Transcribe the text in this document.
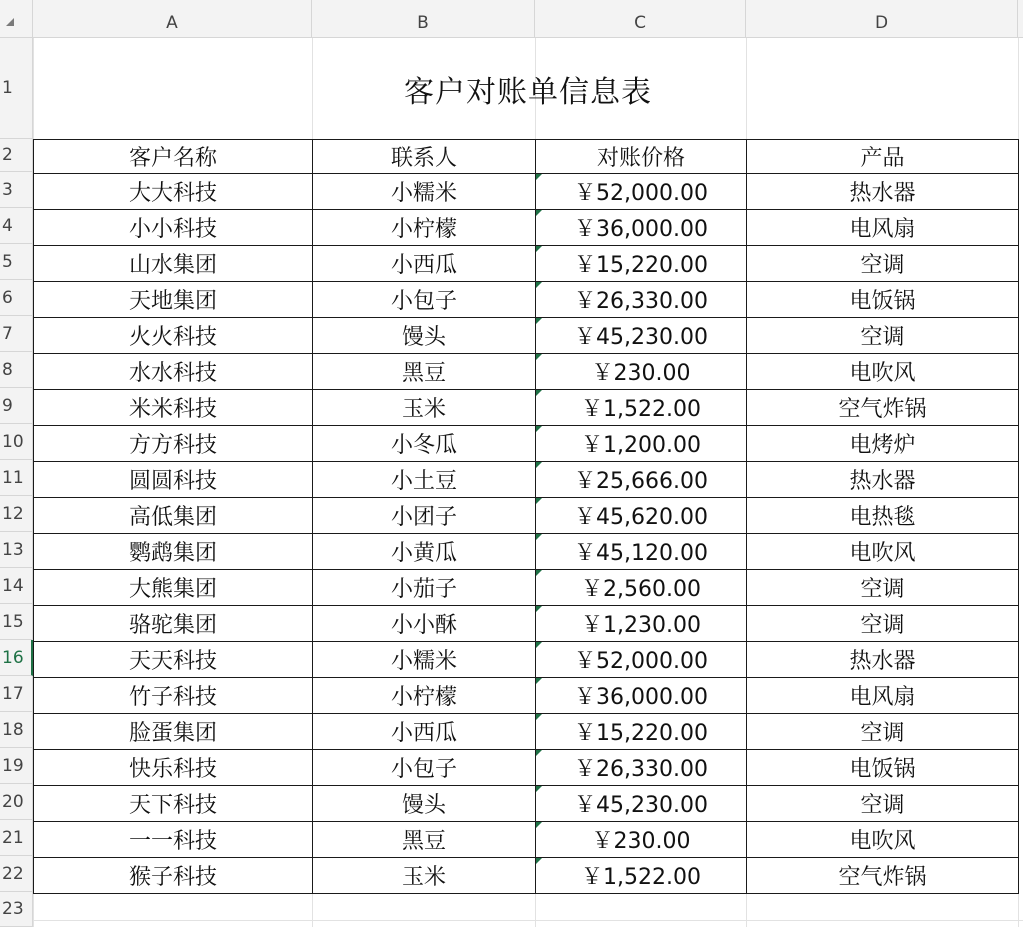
A	B	C	D
1
2
3
4
5
6
7
8
9
10
11
12
13
14
15
16
17
18
19
20
21
22
23
客户对账单信息表
客户名称	联系人	对账价格	产品
大大科技	小糯米	￥52,000.00	热水器
小小科技	小柠檬	￥36,000.00	电风扇
山水集团	小西瓜	￥15,220.00	空调
天地集团	小包子	￥26,330.00	电饭锅
火火科技	馒头	￥45,230.00	空调
水水科技	黑豆	￥230.00	电吹风
米米科技	玉米	￥1,522.00	空气炸锅
方方科技	小冬瓜	￥1,200.00	电烤炉
圆圆科技	小土豆	￥25,666.00	热水器
高低集团	小团子	￥45,620.00	电热毯
鹦鹉集团	小黄瓜	￥45,120.00	电吹风
大熊集团	小茄子	￥2,560.00	空调
骆驼集团	小小酥	￥1,230.00	空调
天天科技	小糯米	￥52,000.00	热水器
竹子科技	小柠檬	￥36,000.00	电风扇
脸蛋集团	小西瓜	￥15,220.00	空调
快乐科技	小包子	￥26,330.00	电饭锅
天下科技	馒头	￥45,230.00	空调
一一科技	黑豆	￥230.00	电吹风
猴子科技	玉米	￥1,522.00	空气炸锅
